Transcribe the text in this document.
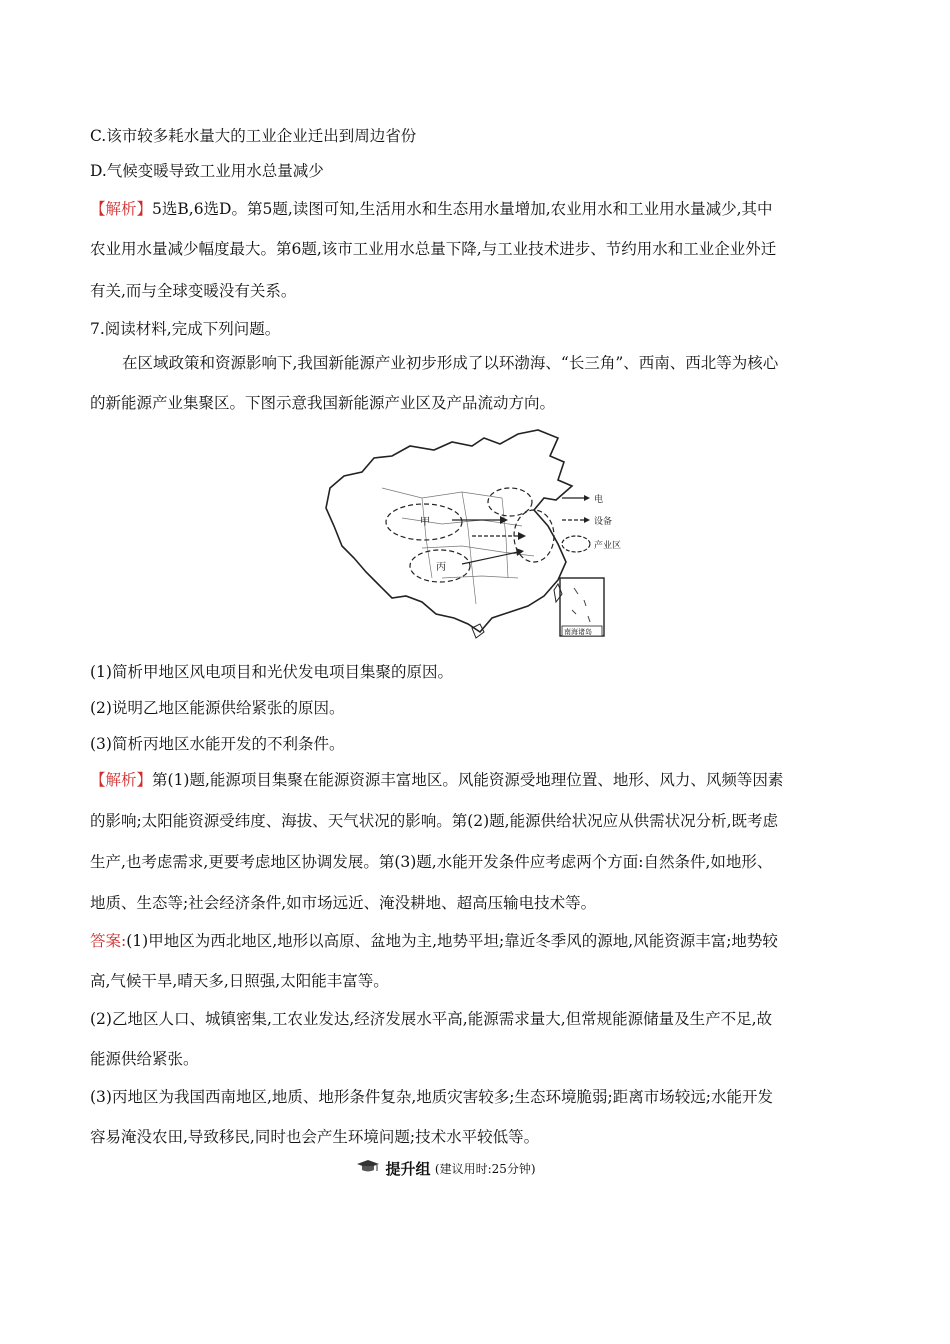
C.该市较多耗水量大的工业企业迁出到周边省份
D.气候变暖导致工业用水总量减少
【解析】5选B,6选D。第5题,读图可知,生活用水和生态用水量增加,农业用水和工业用水量减少,其中
农业用水量减少幅度最大。第6题,该市工业用水总量下降,与工业技术进步、节约用水和工业企业外迁
有关,而与全球变暖没有关系。
7.阅读材料,完成下列问题。
在区域政策和资源影响下,我国新能源产业初步形成了以环渤海、“长三角”、西南、西北等为核心
的新能源产业集聚区。下图示意我国新能源产业区及产品流动方向。
甲
丙
电
设备
产业区
南海诸岛
(1)简析甲地区风电项目和光伏发电项目集聚的原因。
(2)说明乙地区能源供给紧张的原因。
(3)简析丙地区水能开发的不利条件。
【解析】第(1)题,能源项目集聚在能源资源丰富地区。风能资源受地理位置、地形、风力、风频等因素
的影响;太阳能资源受纬度、海拔、天气状况的影响。第(2)题,能源供给状况应从供需状况分析,既考虑
生产,也考虑需求,更要考虑地区协调发展。第(3)题,水能开发条件应考虑两个方面:自然条件,如地形、
地质、生态等;社会经济条件,如市场远近、淹没耕地、超高压输电技术等。
答案:(1)甲地区为西北地区,地形以高原、盆地为主,地势平坦;靠近冬季风的源地,风能资源丰富;地势较
高,气候干旱,晴天多,日照强,太阳能丰富等。
(2)乙地区人口、城镇密集,工农业发达,经济发展水平高,能源需求量大,但常规能源储量及生产不足,故
能源供给紧张。
(3)丙地区为我国西南地区,地质、地形条件复杂,地质灾害较多;生态环境脆弱;距离市场较远;水能开发
容易淹没农田,导致移民,同时也会产生环境问题;技术水平较低等。
提升组 (建议用时:25分钟)
